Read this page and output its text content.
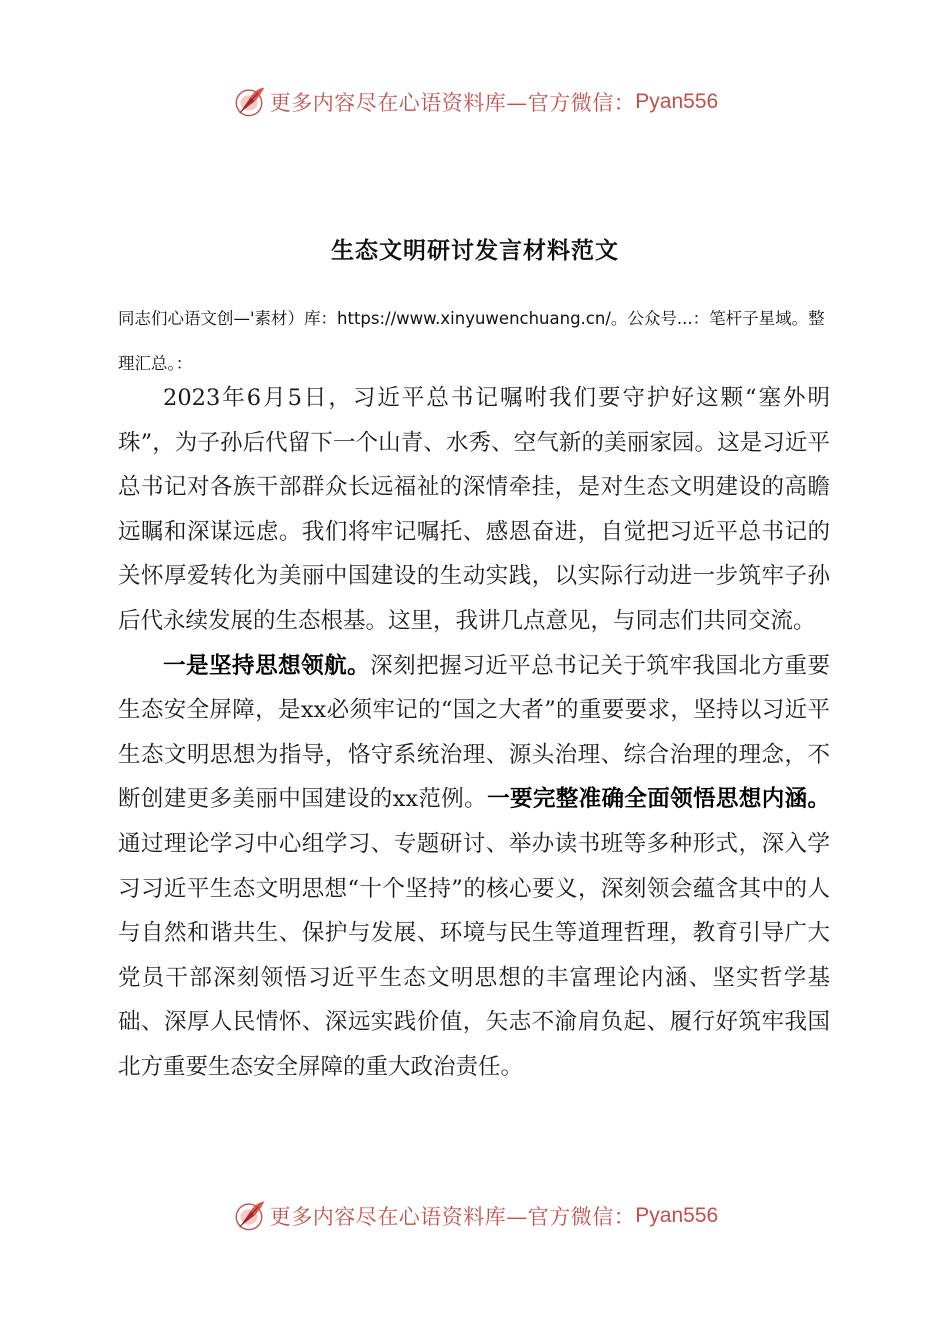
更多内容尽在心语资料库—官方微信： Pyan556
生态文明研讨发言材料范文

同志们心语文创—'素材）库：https://www.xinyuwenchuang.cn/。公众号...：笔杆子星域。整理汇总。：

2023年6月5日，习近平总书记嘱咐我们要守护好这颗“塞外明珠”，为子孙后代留下一个山青、水秀、空气新的美丽家园。这是习近平总书记对各族干部群众长远福祉的深情牵挂，是对生态文明建设的高瞻远瞩和深谋远虑。我们将牢记嘱托、感恩奋进，自觉把习近平总书记的关怀厚爱转化为美丽中国建设的生动实践，以实际行动进一步筑牢子孙后代永续发展的生态根基。这里，我讲几点意见，与同志们共同交流。

一是坚持思想领航。深刻把握习近平总书记关于筑牢我国北方重要生态安全屏障，是xx必须牢记的“国之大者”的重要要求，坚持以习近平生态文明思想为指导，恪守系统治理、源头治理、综合治理的理念，不断创建更多美丽中国建设的xx范例。一要完整准确全面领悟思想内涵。通过理论学习中心组学习、专题研讨、举办读书班等多种形式，深入学习习近平生态文明思想“十个坚持”的核心要义，深刻领会蕴含其中的人与自然和谐共生、保护与发展、环境与民生等道理哲理，教育引导广大党员干部深刻领悟习近平生态文明思想的丰富理论内涵、坚实哲学基础、深厚人民情怀、深远实践价值，矢志不渝肩负起、履行好筑牢我国北方重要生态安全屏障的重大政治责任。

更多内容尽在心语资料库—官方微信： Pyan556
